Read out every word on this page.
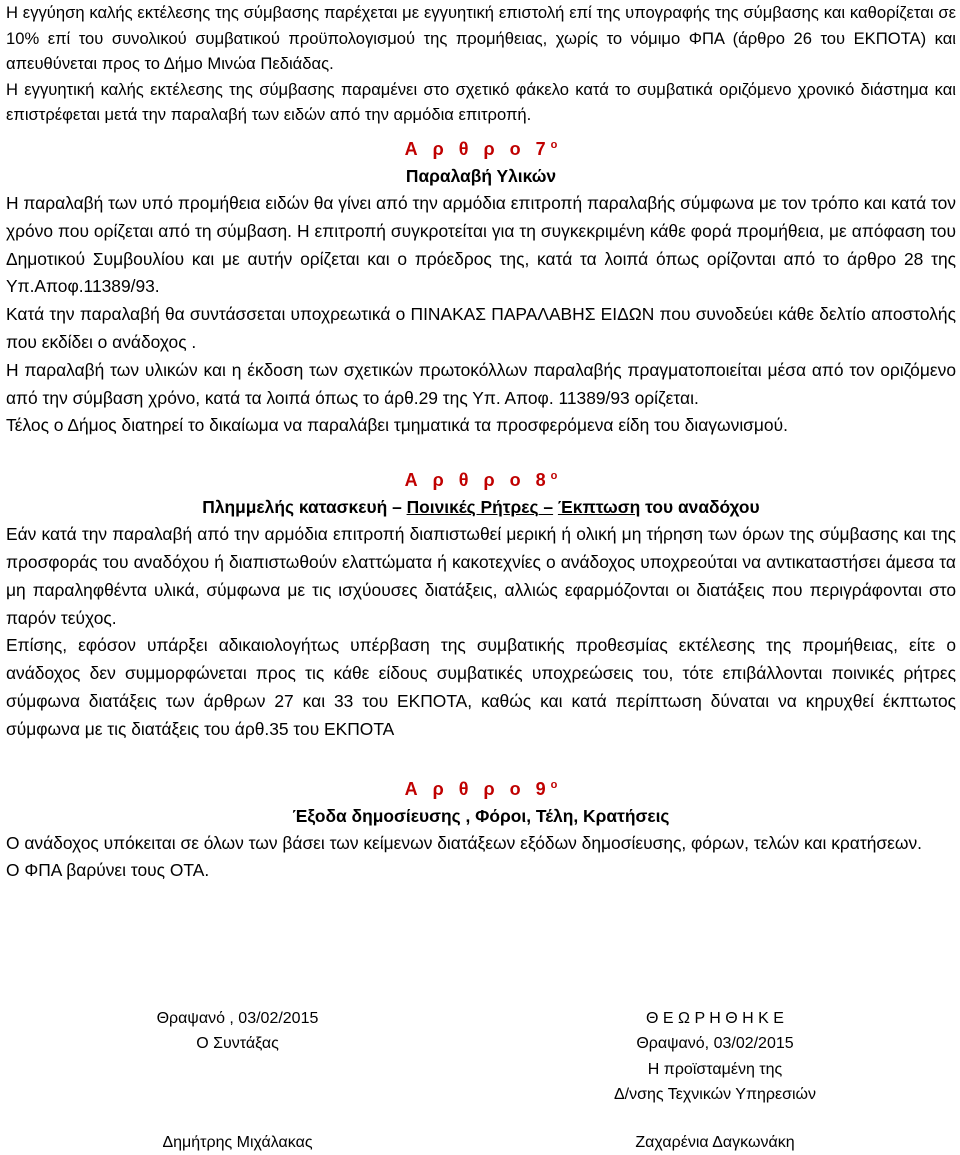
Η εγγύηση καλής εκτέλεσης της σύμβασης παρέχεται με εγγυητική επιστολή επί της υπογραφής της σύμβασης και καθορίζεται σε 10% επί του συνολικού συμβατικού προϋπολογισμού της προμήθειας, χωρίς το νόμιμο ΦΠΑ (άρθρο 26 του ΕΚΠΟΤΑ) και απευθύνεται προς το Δήμο Μινώα Πεδιάδας.

Η εγγυητική καλής εκτέλεσης της σύμβασης παραμένει στο σχετικό φάκελο κατά το συμβατικά οριζόμενο χρονικό διάστημα και επιστρέφεται μετά την παραλαβή των ειδών από την αρμόδια επιτροπή.

Α ρ θ ρ ο $7^o$
Παραλαβή Υλικών

Η παραλαβή των υπό προμήθεια ειδών θα γίνει από την αρμόδια επιτροπή παραλαβής σύμφωνα με τον τρόπο και κατά τον χρόνο που ορίζεται από τη σύμβαση. Η επιτροπή συγκροτείται για τη συγκεκριμένη κάθε φορά προμήθεια, με απόφαση του Δημοτικού Συμβουλίου και με αυτήν ορίζεται και ο πρόεδρος της, κατά τα λοιπά όπως ορίζονται από το άρθρο 28 της Υπ.Αποφ.11389/93.

Κατά την παραλαβή θα συντάσσεται υποχρεωτικά ο ΠΙΝΑΚΑΣ ΠΑΡΑΛΑΒΗΣ ΕΙΔΩΝ που συνοδεύει κάθε δελτίο αποστολής που εκδίδει ο ανάδοχος .

Η παραλαβή των υλικών και η έκδοση των σχετικών πρωτοκόλλων παραλαβής πραγματοποιείται μέσα από τον οριζόμενο από την σύμβαση χρόνο, κατά τα λοιπά όπως το άρθ.29 της Υπ. Αποφ. 11389/93 ορίζεται.

Τέλος ο Δήμος διατηρεί το δικαίωμα να παραλάβει τμηματικά τα προσφερόμενα είδη του διαγωνισμού.

Α ρ θ ρ ο $8^o$
Πλημμελής κατασκευή – Ποινικές Ρήτρες – Έκπτωση του αναδόχου

Εάν κατά την παραλαβή από την αρμόδια επιτροπή διαπιστωθεί μερική ή ολική μη τήρηση των όρων της σύμβασης και της προσφοράς του αναδόχου ή διαπιστωθούν ελαττώματα ή κακοτεχνίες ο ανάδοχος υποχρεούται να αντικαταστήσει άμεσα τα μη παραληφθέντα υλικά, σύμφωνα με τις ισχύουσες διατάξεις, αλλιώς εφαρμόζονται οι διατάξεις που περιγράφονται στο παρόν τεύχος.

Επίσης, εφόσον υπάρξει αδικαιολογήτως υπέρβαση της συμβατικής προθεσμίας εκτέλεσης της προμήθειας, είτε ο ανάδοχος δεν συμμορφώνεται προς τις κάθε είδους συμβατικές υποχρεώσεις του, τότε επιβάλλονται ποινικές ρήτρες σύμφωνα διατάξεις των άρθρων 27 και 33 του ΕΚΠΟΤΑ, καθώς και κατά περίπτωση δύναται να κηρυχθεί έκπτωτος σύμφωνα με τις διατάξεις του άρθ.35 του ΕΚΠΟΤΑ

Α ρ θ ρ ο $9^o$
Έξοδα δημοσίευσης , Φόροι, Τέλη, Κρατήσεις

Ο ανάδοχος υπόκειται σε όλων των βάσει των κείμενων διατάξεων εξόδων δημοσίευσης, φόρων, τελών και κρατήσεων.

Ο ΦΠΑ βαρύνει τους ΟΤΑ.

Θραψανό , 03/02/2015
Ο Συντάξας
Θ Ε Ω Ρ Η Θ Η Κ Ε
Θραψανό, 03/02/2015
Η προϊσταμένη της
Δ/νσης Τεχνικών Υπηρεσιών
Δημήτρης Μιχάλακας	Ζαχαρένια Δαγκωνάκη
